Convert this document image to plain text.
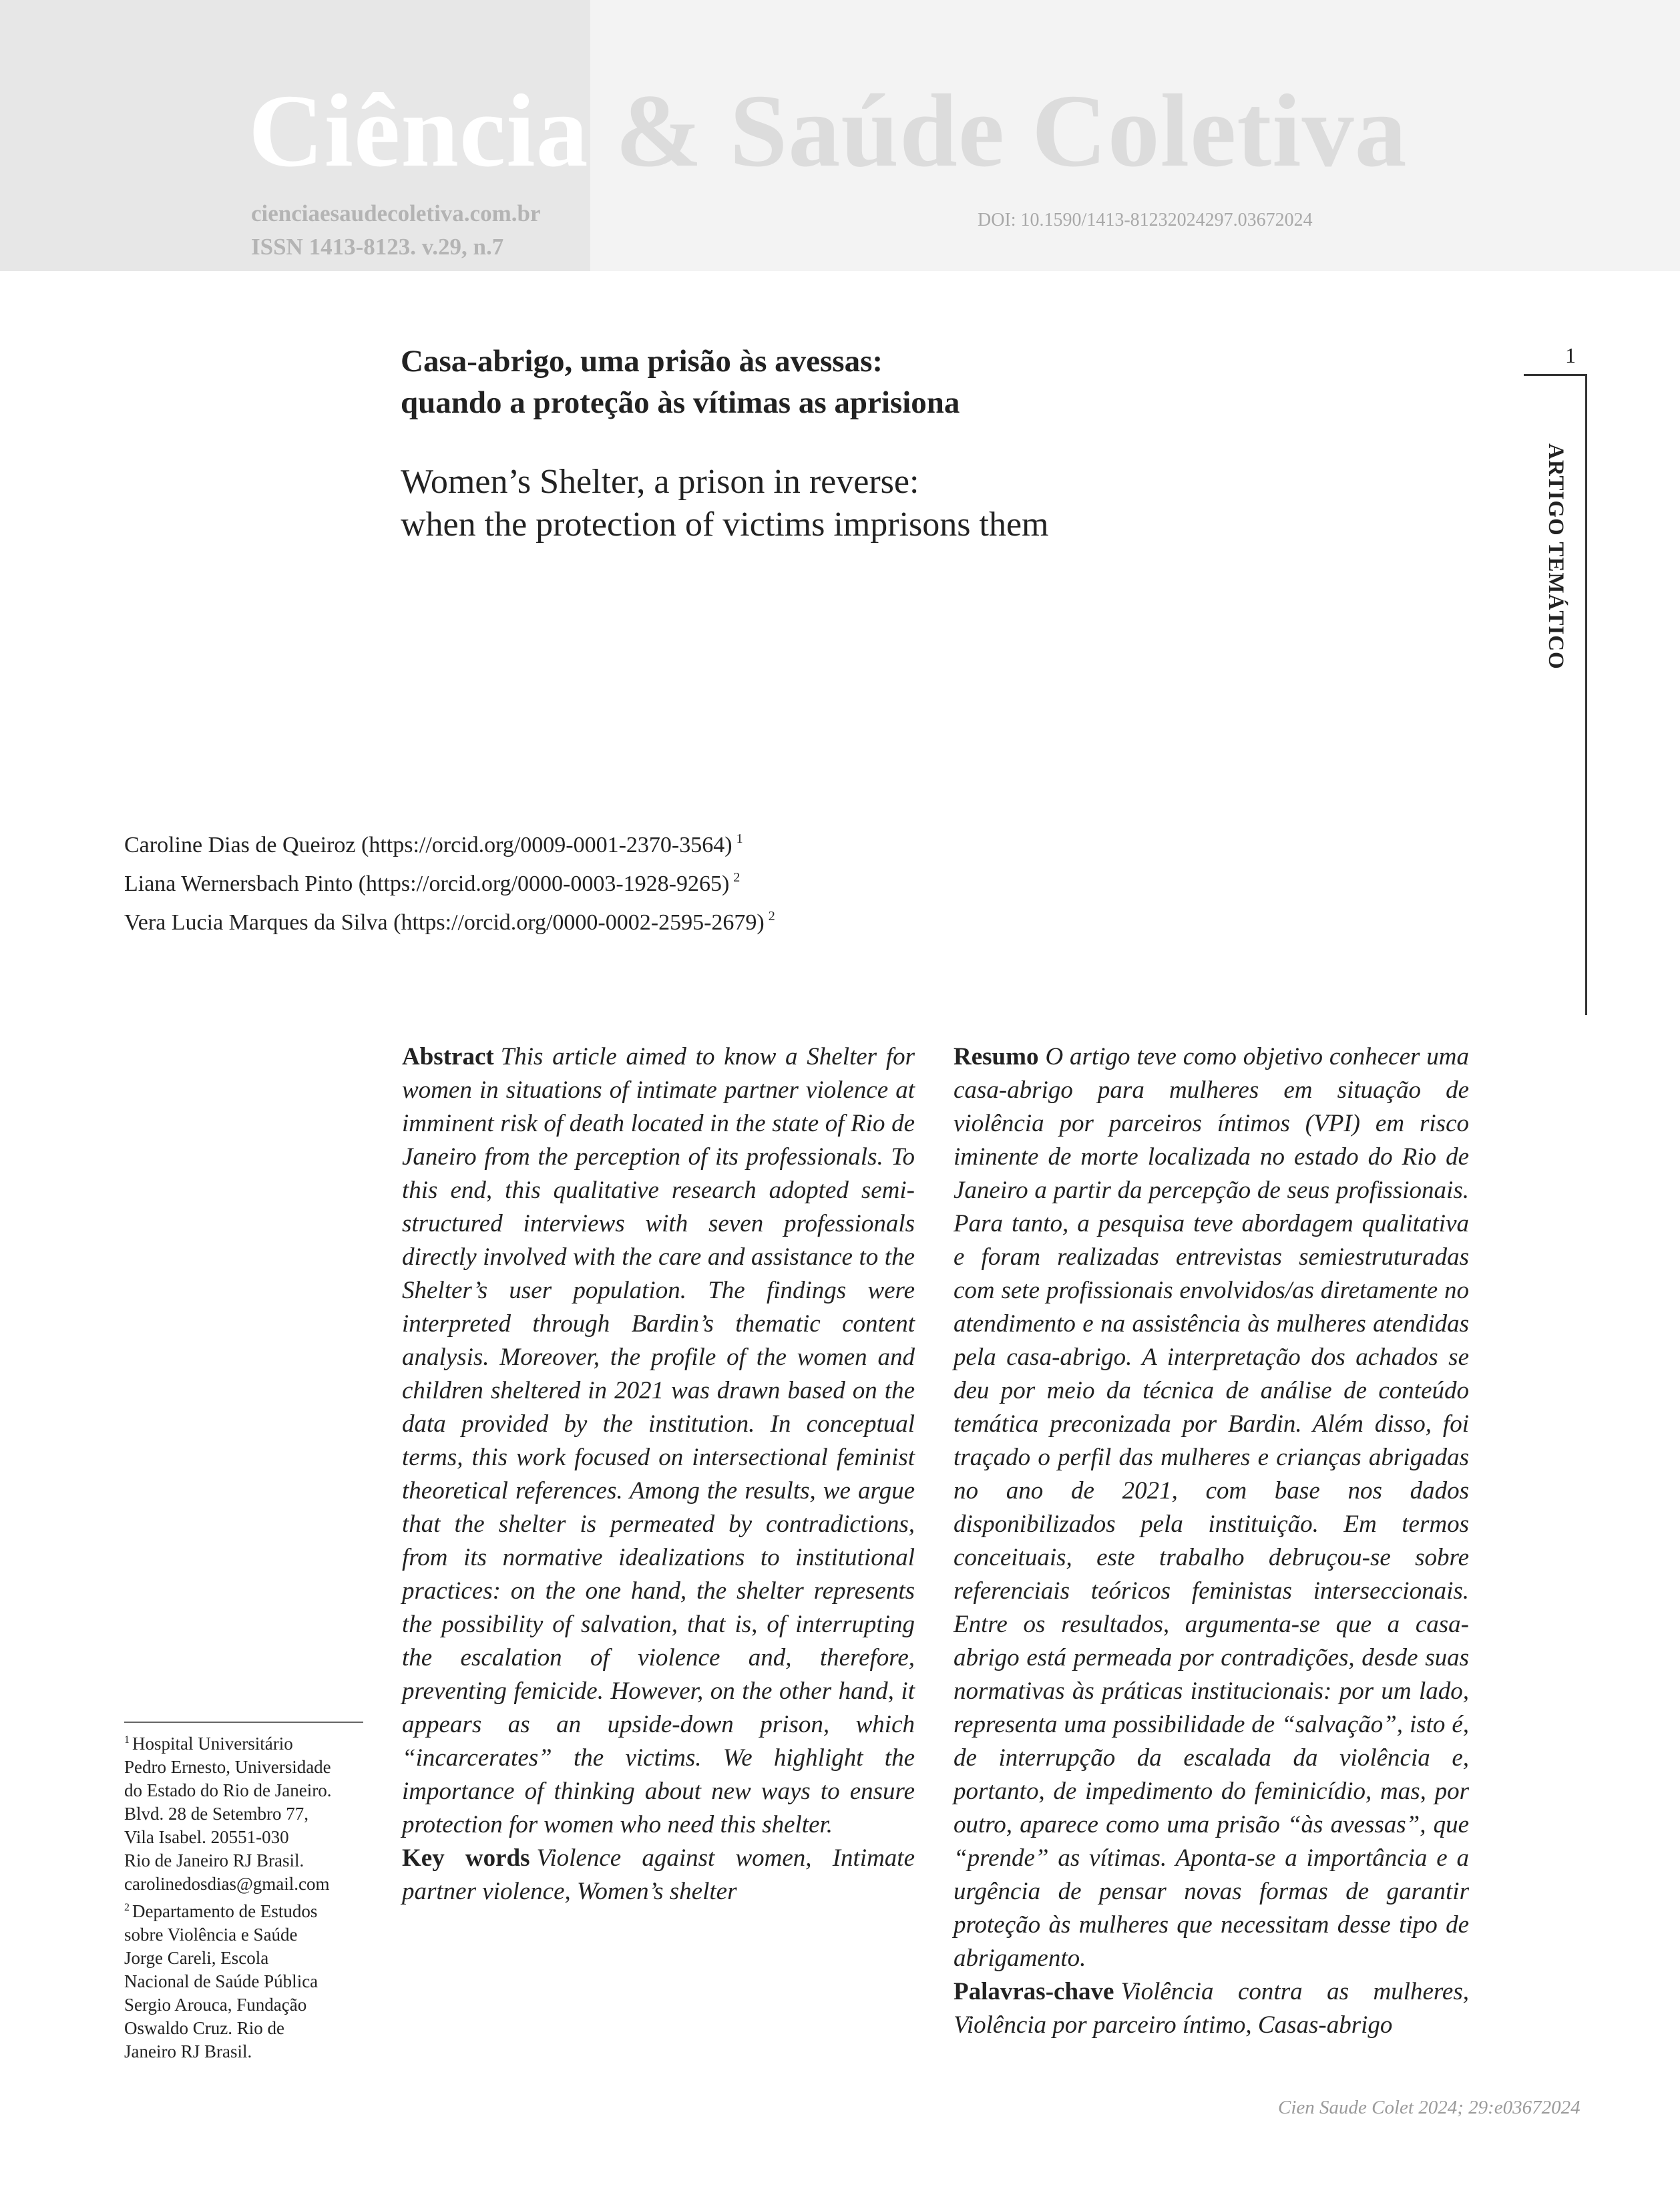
Ciência & Saúde Coletiva
cienciaesaudecoletiva.com.br
ISSN 1413-8123. v.29, n.7
DOI: 10.1590/1413-81232024297.03672024
Casa-abrigo, uma prisão às avessas:
quando a proteção às vítimas as aprisiona
Women’s Shelter, a prison in reverse:
when the protection of victims imprisons them
1
ARTIGO TEMÁTICO
Caroline Dias de Queiroz (https://orcid.org/0009-0001-2370-3564) $^1$
Liana Wernersbach Pinto (https://orcid.org/0000-0003-1928-9265) $^2$
Vera Lucia Marques da Silva (https://orcid.org/0000-0002-2595-2679) $^2$

Abstract This article aimed to know a Shelter for women in situations of intimate partner violence at imminent risk of death located in the state of Rio de Janeiro from the perception of its professionals. To this end, this qualitative research adopted semi-structured interviews with seven professionals directly involved with the care and assistance to the Shelter’s user population. The findings were interpreted through Bardin’s thematic content analysis. Moreover, the profile of the women and children sheltered in 2021 was drawn based on the data provided by the institution. In conceptual terms, this work focused on intersectional feminist theoretical references. Among the results, we argue that the shelter is permeated by contradictions, from its normative idealizations to institutional practices: on the one hand, the shelter represents the possibility of salvation, that is, of interrupting the escalation of violence and, therefore, preventing femicide. However, on the other hand, it appears as an upside-down prison, which “incarcerates” the victims. We highlight the importance of thinking about new ways to ensure protection for women who need this shelter.

Key words Violence against women, Intimate partner violence, Women’s shelter

Resumo O artigo teve como objetivo conhecer uma casa-abrigo para mulheres em situação de violência por parceiros íntimos (VPI) em risco iminente de morte localizada no estado do Rio de Janeiro a partir da percepção de seus profissionais. Para tanto, a pesquisa teve abordagem qualitativa e foram realizadas entrevistas semiestruturadas com sete profissionais envolvidos/as diretamente no atendimento e na assistência às mulheres atendidas pela casa-abrigo. A interpretação dos achados se deu por meio da técnica de análise de conteúdo temática preconizada por Bardin. Além disso, foi traçado o perfil das mulheres e crianças abrigadas no ano de 2021, com base nos dados disponibilizados pela instituição. Em termos conceituais, este trabalho debruçou-se sobre referenciais teóricos feministas interseccionais. Entre os resultados, argumenta-se que a casa-abrigo está permeada por contradições, desde suas normativas às práticas institucionais: por um lado, representa uma possibilidade de “salvação”, isto é, de interrupção da escalada da violência e, portanto, de impedimento do feminicídio, mas, por outro, aparece como uma prisão “às avessas”, que “prende” as vítimas. Aponta-se a importância e a urgência de pensar novas formas de garantir proteção às mulheres que necessitam desse tipo de abrigamento.

Palavras-chave Violência contra as mulheres, Violência por parceiro íntimo, Casas-abrigo

$^1$ Hospital Universitário
Pedro Ernesto, Universidade
do Estado do Rio de Janeiro.
Blvd. 28 de Setembro 77,
Vila Isabel. 20551-030
Rio de Janeiro RJ Brasil.
carolinedosdias@gmail.com
$^2$ Departamento de Estudos
sobre Violência e Saúde
Jorge Careli, Escola
Nacional de Saúde Pública
Sergio Arouca, Fundação
Oswaldo Cruz. Rio de
Janeiro RJ Brasil.
Cien Saude Colet 2024; 29:e03672024
